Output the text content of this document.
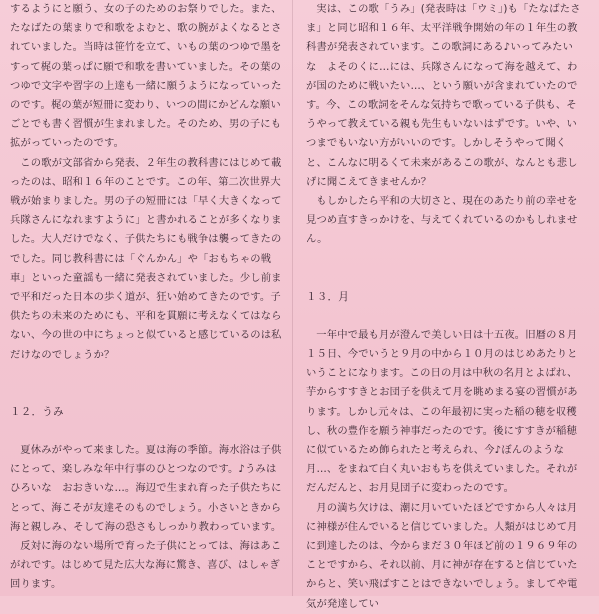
するようにと願う、女の子のためのお祭りでした。また、たなばたの葉まりで和歌をよむと、歌の腕がよくなるとされていました。当時は笹竹を立て、いもの葉のつゆで墨をすって梶の葉っぱに願で和歌を書いていました。その葉のつゆで文字や習字の上達も一緒に願うようになっていったのです。梶の葉が短冊に変わり、いつの間にかどんな願いごとでも書く習慣が生まれました。そのため、男の子にも拡がっていったのです。

この歌が文部省から発表、２年生の教科書にはじめて載ったのは、昭和１６年のことです。この年、第二次世界大戦が始まりました。男の子の短冊には「早く大きくなって兵隊さんになれますように」と書かれることが多くなりました。大人だけでなく、子供たちにも戦争は襲ってきたのでした。同じ教科書には「ぐんかん」や「おもちゃの戦車」といった童謡も一緒に発表されていました。少し前まで平和だった日本の歩く道が、狂い始めてきたのです。子供たちの未来のためにも、平和を貫願に考えなくてはならない、今の世の中にちょっと似ていると感じているのは私だけなのでしょうか？

１２．うみ

夏休みがやって来ました。夏は海の季節。海水浴は子供にとって、楽しみな年中行事のひとつなのです。♪うみはひろいな　おおきいな…。海辺で生まれ育った子供たちにとって、海こそが友達そのものでしょう。小さいときから海と親しみ、そして海の恐さもしっかり教わっています。

反対に海のない場所で育った子供にとっては、海はあこがれです。はじめて見た広大な海に驚き、喜び、はしゃぎ回ります。

実は、この歌「うみ」(発表時は「ウミ」)も「たなばたさま」と同じ昭和１６年、太平洋戦争開始の年の１年生の教科書が発表されています。この歌詞にある♪いってみたいな　よそのくに…には、兵隊さんになって海を越えて、わが国のために戦いたい…、という願いが含まれていたのです。今、この歌詞をそんな気持ちで歌っている子供も、そうやって教えている親も先生もいないはずです。いや、いつまでもいない方がいいのです。しかしそうやって聞くと、こんなに明るくて未来があるこの歌が、なんとも悲しげに聞こえてきませんか？

もしかしたら平和の大切さと、現在のあたり前の幸せを見つめ直すきっかけを、与えてくれているのかもしれません。

１３．月

一年中で最も月が澄んで美しい日は十五夜。旧暦の８月１５日、今でいうと９月の中から１０月のはじめあたりということになります。この日の月は中秋の名月とよばれ、芋からすすきとお団子を供えて月を眺めまる宴の習慣があります。しかし元々は、この年最初に実った稲の穂を収穫し、秋の豊作を願う神事だったのです。後にすすきが稲穂に似ているため飾られたと考えられ、今♪ぼんのような月…、をまねて白く丸いおもちを供えていました。それがだんだんと、お月見団子に変わったのです。

月の満ち欠けは、潮に月いていたほどですから人々は月に神様が住んでいると信じていました。人類がはじめて月に到達したのは、今からまだ３０年ほど前の１９６９年のことですから、それ以前、月に神が存在すると信じていたからと、笑い飛ばすことはできないでしょう。ましてや電気が発達してい
